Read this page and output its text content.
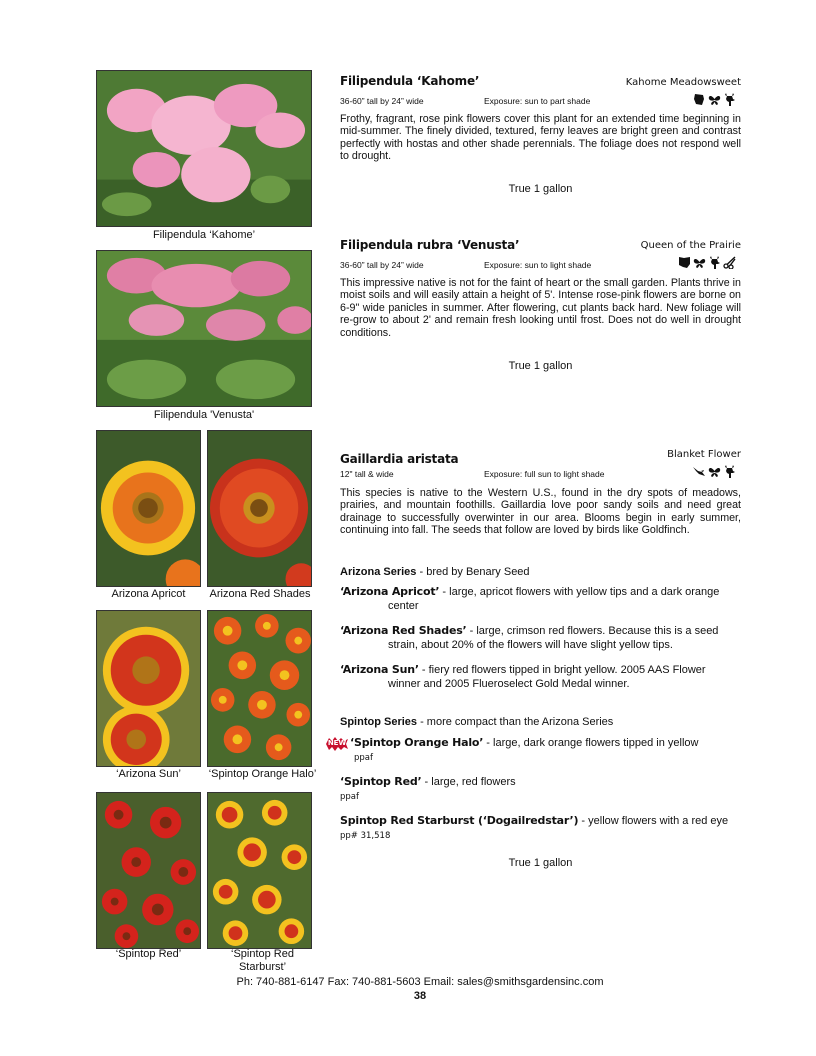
Filipendula ‘Kahome’
Filipendula 'Venusta'
Arizona Apricot	Arizona Red Shades
‘Arizona Sun’	‘Spintop Orange Halo’
‘Spintop Red’	‘Spintop Red
Starburst’
Filipendula ‘Kahome’	Kahome Meadowsweet
36-60” tall by 24” wide	Exposure: sun to part shade
Frothy, fragrant, rose pink flowers cover this plant for an extended time beginning in mid-summer. The finely divided, textured, ferny leaves are bright green and contrast perfectly with hostas and other shade perennials. The foliage does not respond well to drought.
True 1 gallon
Filipendula rubra ‘Venusta’	Queen of the Prairie
36-60” tall by 24” wide	Exposure: sun to light shade
This impressive native is not for the faint of heart or the small garden. Plants thrive in moist soils and will easily attain a height of 5'. Intense rose-pink flowers are borne on 6-9" wide panicles in summer. After flowering, cut plants back hard. New foliage will re-grow to about 2' and remain fresh looking until frost. Does not do well in drought conditions.
True 1 gallon
Gaillardia aristata	Blanket Flower
12" tall & wide	Exposure: full sun to light shade
This species is native to the Western U.S., found in the dry spots of meadows, prairies, and mountain foothills. Gaillardia love poor sandy soils and need great drainage to successfully overwinter in our area. Blooms begin in early summer, continuing into fall. The seeds that follow are loved by birds like Goldfinch.
Arizona Series - bred by Benary Seed
‘Arizona Apricot’ - large, apricot flowers with yellow tips and a dark orange
center
‘Arizona Red Shades’ - large, crimson red flowers. Because this is a seed
strain, about 20% of the flowers will have slight yellow tips.
‘Arizona Sun’ - fiery red flowers tipped in bright yellow. 2005 AAS Flower
winner and 2005 Flueroselect Gold Medal winner.
Spintop Series - more compact than the Arizona Series
NEW ‘Spintop Orange Halo’ - large, dark orange flowers tipped in yellow
ppaf
‘Spintop Red’ - large, red flowers
ppaf
Spintop Red Starburst (‘Dogailredstar’) - yellow flowers with a red eye
pp# 31,518
True 1 gallon
Ph: 740-881-6147 Fax: 740-881-5603 Email: sales@smithsgardensinc.com
38
